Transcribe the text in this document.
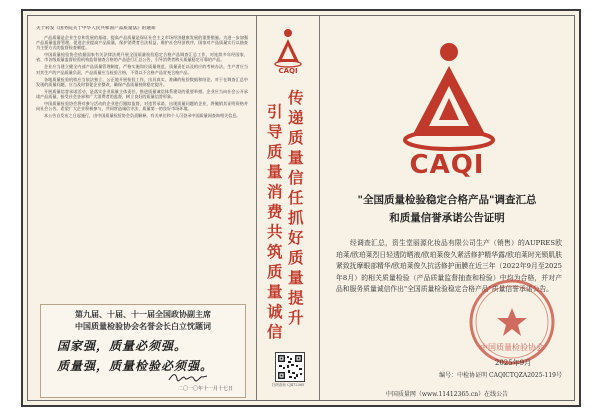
关于转发《国务院关于中华人民共和国产品质量法》的通知

产品质量是企业生存和发展的基础，提高产品质量是保证社会主义市场经济健康发展的重要措施。为进一步加强产品质量监督管理，促进企业提高产品质量，保护消费者合法权益，维护社会经济秩序，国家对产品质量实行以抽查为主要方式的监督检查制度。

中国质量检验协会依据国家有关法律法规开展全国质量检验稳定合格产品调查汇总工作，对连续多年经国家、省、市各级质量监督检验机构监督抽查合格的产品进行汇总公告，引导消费者购买质量稳定可靠的产品。

企业应当建立健全内部产品质量管理制度，严格实施岗位质量规范、质量责任以及相应的考核办法。生产者应当对其生产的产品质量负责，产品质量应当检验合格，不得以不合格产品冒充合格产品。

各地质量检验机构应当依法独立、公正地开展检验工作，出具真实、准确的检验数据和结论。对于在调查汇总中发现的质量问题，应当及时督促企业整改，确保产品质量持续稳定提升。

开展质量信誉承诺活动，是落实企业质量主体责任、推进质量诚信体系建设的重要举措。企业应当向社会公开承诺产品质量，接受社会各界和广大消费者的监督，树立良好的质量信誉形象。

中国质量检验协会将对参与活动的企业进行跟踪监督，对违背承诺、出现质量问题的企业，将撤销其证明资格并向社会公告。希望广大企业积极参与，共同营造诚信守法、质量第一的良好市场环境。

本公告自发布之日起施行，由中国质量检验协会负责解释，有关单位和个人可登录中国质量网查询相关信息。

第九届、十届、十一届全国政协副主席
中国质量检验协会名誉会长白立忱题词
国家强，质量必须强。
质量强，质量检验必须强。
二〇一〇年十一月十七日
CAQI
传
递
质
量
信
任
抓
好
质
量
提
升
引
导
质
量
消
费
共
筑
质
量
诚
信
扫码查询 CJ472365
CAQI
"全国质量检验稳定合格产品"调查汇总
和质量信誉承诺公告证明
经调查汇总，资生堂丽源化妆品有限公司生产（销售）的AUPRES欧珀莱/欧珀莱烈日轻透防晒液/欧珀莱俊久紧活修护精华露/欧珀莱时光锁肌肤紧致抚摩眼部精华/欧珀莱俊久抗活修护面膜在近三年（2022年9月至2025年8月）的相关质量检验（产品质量监督抽查和检验）中均为合格，并对产品和服务质量诚信作出"全国质量检验稳定合格产品"质量信誉承诺公告。
中国质量检验协会
2025年9月
编号：中检协证明 CAQICTQZA2025-119号
中国质量网（www.11412365.cn）在线公告
